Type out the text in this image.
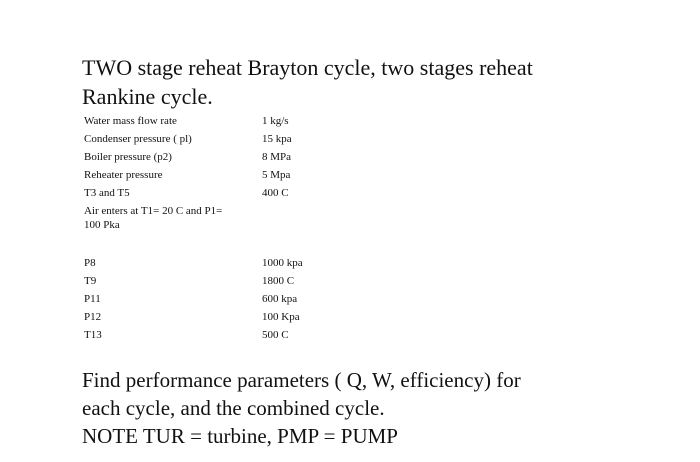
TWO stage reheat Brayton cycle, two stages reheat
Rankine cycle.
Water mass flow rate	1 kg/s
Condenser pressure ( pl)	15 kpa
Boiler pressure (p2)	8 MPa
Reheater pressure	5 Mpa
T3 and T5	400 C

Air enters at T1= 20 C and P1=
100 Pka

P8	1000 kpa
T9	1800 C
P11	600 kpa
P12	100 Kpa
T13	500 C

Find performance parameters ( Q, W, efficiency) for
each cycle, and the combined cycle.
NOTE TUR = turbine, PMP = PUMP
